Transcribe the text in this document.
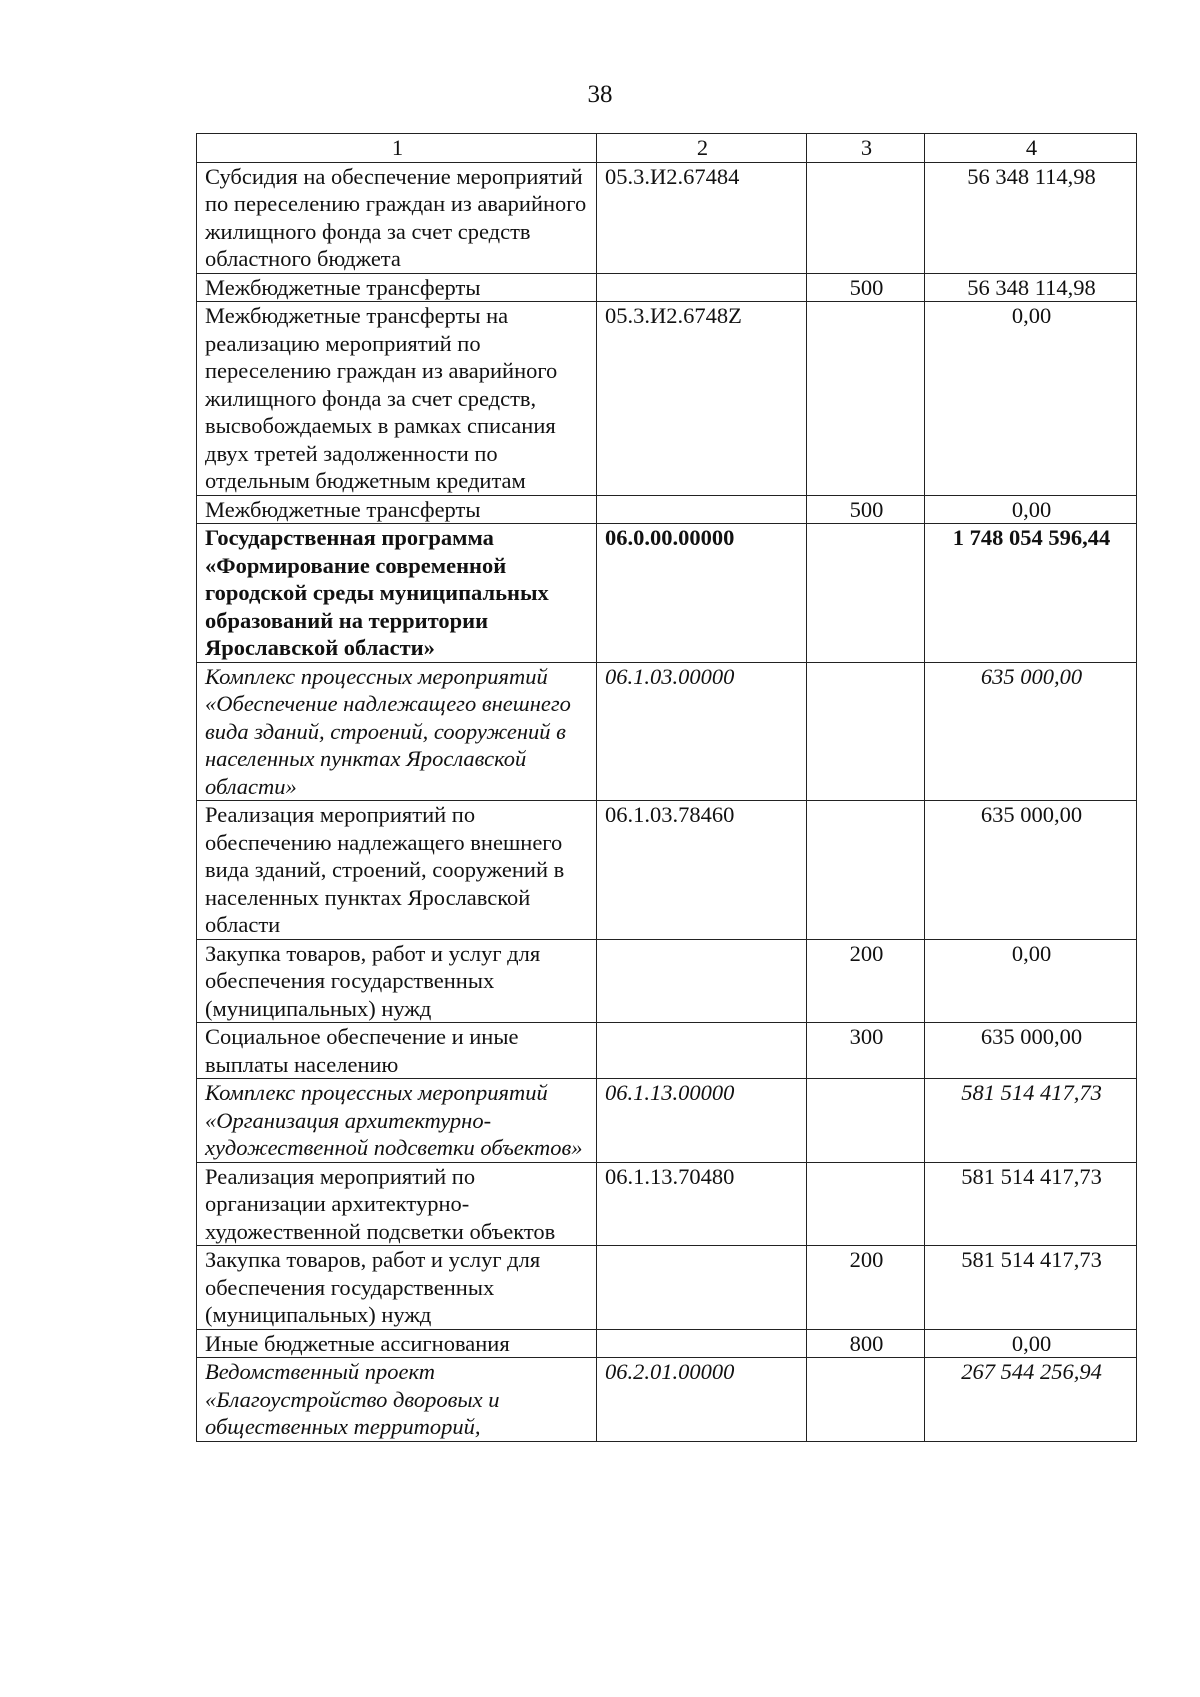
38
1	2	3	4
Субсидия на обеспечение мероприятий по переселению граждан из аварийного жилищного фонда за счет средств областного бюджета	05.3.И2.67484		56 348 114,98
Межбюджетные трансферты		500	56 348 114,98
Межбюджетные трансферты на реализацию мероприятий по переселению граждан из аварийного жилищного фонда за счет средств, высвобождаемых в рамках списания двух третей задолженности по отдельным бюджетным кредитам	05.3.И2.6748Z		0,00
Межбюджетные трансферты		500	0,00
Государственная программа «Формирование современной городской среды муниципальных образований на территории Ярославской области»	06.0.00.00000		1 748 054 596,44
Комплекс процессных мероприятий «Обеспечение надлежащего внешнего вида зданий, строений, сооружений в населенных пунктах Ярославской области»	06.1.03.00000		635 000,00
Реализация мероприятий по обеспечению надлежащего внешнего вида зданий, строений, сооружений в населенных пунктах Ярославской области	06.1.03.78460		635 000,00
Закупка товаров, работ и услуг для обеспечения государственных (муниципальных) нужд		200	0,00
Социальное обеспечение и иные выплаты населению		300	635 000,00
Комплекс процессных мероприятий «Организация архитектурно-художественной подсветки объектов»	06.1.13.00000		581 514 417,73
Реализация мероприятий по организации архитектурно-художественной подсветки объектов	06.1.13.70480		581 514 417,73
Закупка товаров, работ и услуг для обеспечения государственных (муниципальных) нужд		200	581 514 417,73
Иные бюджетные ассигнования		800	0,00
Ведомственный проект «Благоустройство дворовых и общественных территорий,	06.2.01.00000		267 544 256,94
